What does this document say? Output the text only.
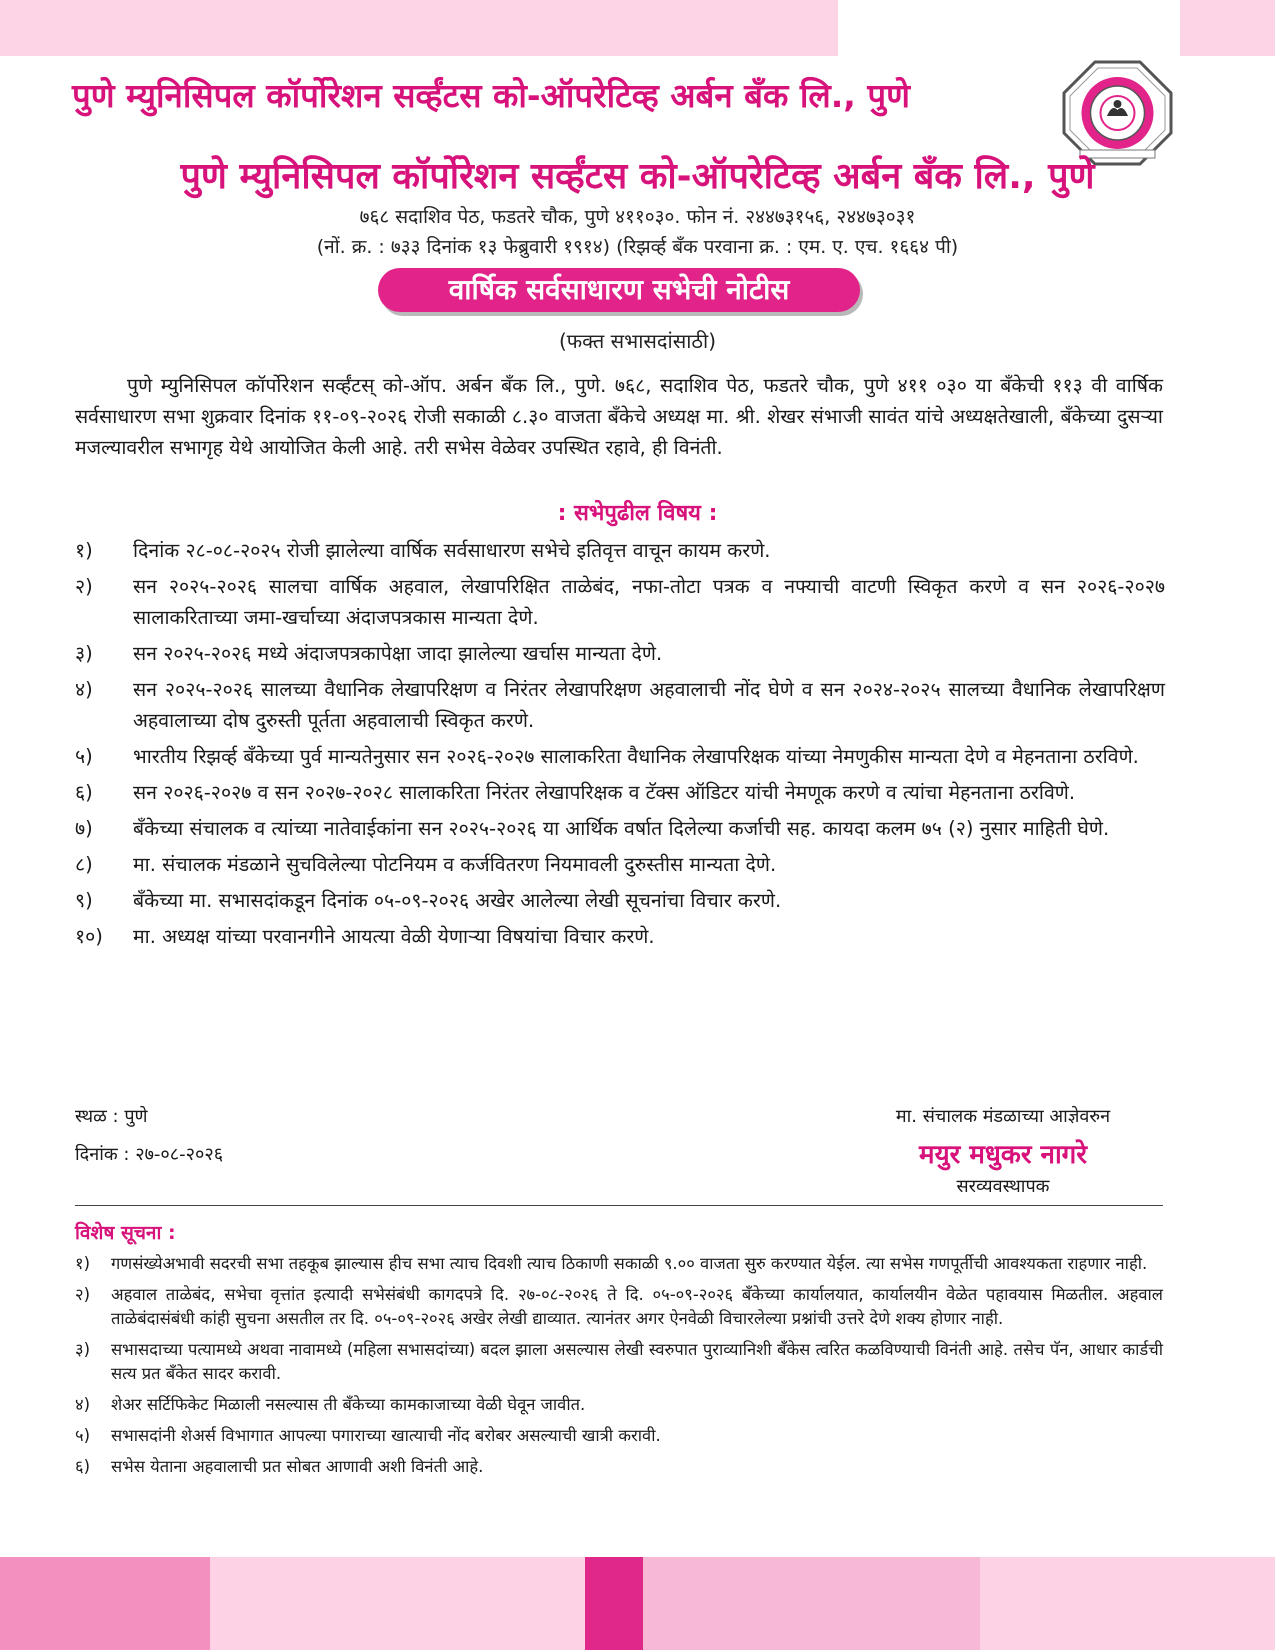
पुणे म्युनिसिपल कॉर्पोरेशन सर्व्हंटस को-ऑपरेटिव्ह अर्बन बँक लि., पुणे
पुणे म्युनिसिपल कॉर्पोरेशन सर्व्हंटस को-ऑपरेटिव्ह अर्बन बँक लि., पुणे
७६८ सदाशिव पेठ, फडतरे चौक, पुणे ४११०३०. फोन नं. २४४७३१५६, २४४७३०३१
(नों. क्र. : ७३३ दिनांक १३ फेब्रुवारी १९१४) (रिझर्व्ह बँक परवाना क्र. : एम. ए. एच. १६६४ पी)
वार्षिक सर्वसाधारण सभेची नोटीस
(फक्त सभासदांसाठी)
पुणे म्युनिसिपल कॉर्पोरेशन सर्व्हंटस् को-ऑप. अर्बन बँक लि., पुणे. ७६८, सदाशिव पेठ, फडतरे चौक, पुणे ४११ ०३० या बँकेची ११३ वी वार्षिक सर्वसाधारण सभा शुक्रवार दिनांक ११-०९-२०२६ रोजी सकाळी ८.३० वाजता बँकेचे अध्यक्ष मा. श्री. शेखर संभाजी सावंत यांचे अध्यक्षतेखाली, बँकेच्या दुसऱ्या मजल्यावरील सभागृह येथे आयोजित केली आहे. तरी सभेस वेळेवर उपस्थित रहावे, ही विनंती.
: सभेपुढील विषय :
१)	दिनांक २८-०८-२०२५ रोजी झालेल्या वार्षिक सर्वसाधारण सभेचे इतिवृत्त वाचून कायम करणे.
२)	सन २०२५-२०२६ सालचा वार्षिक अहवाल, लेखापरिक्षित ताळेबंद, नफा-तोटा पत्रक व नफ्याची वाटणी स्विकृत करणे व सन २०२६-२०२७ सालाकरिताच्या जमा-खर्चाच्या अंदाजपत्रकास मान्यता देणे.
३)	सन २०२५-२०२६ मध्ये अंदाजपत्रकापेक्षा जादा झालेल्या खर्चास मान्यता देणे.
४)	सन २०२५-२०२६ सालच्या वैधानिक लेखापरिक्षण व निरंतर लेखापरिक्षण अहवालाची नोंद घेणे व सन २०२४-२०२५ सालच्या वैधानिक लेखापरिक्षण अहवालाच्या दोष दुरुस्ती पूर्तता अहवालाची स्विकृत करणे.
५)	भारतीय रिझर्व्ह बँकेच्या पुर्व मान्यतेनुसार सन २०२६-२०२७ सालाकरिता वैधानिक लेखापरिक्षक यांच्या नेमणुकीस मान्यता देणे व मेहनताना ठरविणे.
६)	सन २०२६-२०२७ व सन २०२७-२०२८ सालाकरिता निरंतर लेखापरिक्षक व टॅक्स ऑडिटर यांची नेमणूक करणे व त्यांचा मेहनताना ठरविणे.
७)	बँकेच्या संचालक व त्यांच्या नातेवाईकांना सन २०२५-२०२६ या आर्थिक वर्षात दिलेल्या कर्जाची सह. कायदा कलम ७५ (२) नुसार माहिती घेणे.
८)	मा. संचालक मंडळाने सुचविलेल्या पोटनियम व कर्जवितरण नियमावली दुरुस्तीस मान्यता देणे.
९)	बँकेच्या मा. सभासदांकडून दिनांक ०५-०९-२०२६ अखेर आलेल्या लेखी सूचनांचा विचार करणे.
१०)	मा. अध्यक्ष यांच्या परवानगीने आयत्या वेळी येणाऱ्या विषयांचा विचार करणे.
स्थळ : पुणे
दिनांक : २७-०८-२०२६
मा. संचालक मंडळाच्या आज्ञेवरुन
मयुर मधुकर नागरे
सरव्यवस्थापक
विशेष सूचना :
१)	गणसंख्येअभावी सदरची सभा तहकूब झाल्यास हीच सभा त्याच दिवशी त्याच ठिकाणी सकाळी ९.०० वाजता सुरु करण्यात येईल. त्या सभेस गणपूर्तीची आवश्यकता राहणार नाही.
२)	अहवाल ताळेबंद, सभेचा वृत्तांत इत्यादी सभेसंबंधी कागदपत्रे दि. २७-०८-२०२६ ते दि. ०५-०९-२०२६ बँकेच्या कार्यालयात, कार्यालयीन वेळेत पहावयास मिळतील. अहवाल ताळेबंदासंबंधी कांही सुचना असतील तर दि. ०५-०९-२०२६ अखेर लेखी द्याव्यात. त्यानंतर अगर ऐनवेळी विचारलेल्या प्रश्नांची उत्तरे देणे शक्य होणार नाही.
३)	सभासदाच्या पत्यामध्ये अथवा नावामध्ये (महिला सभासदांच्या) बदल झाला असल्यास लेखी स्वरुपात पुराव्यानिशी बँकेस त्वरित कळविण्याची विनंती आहे. तसेच पॅन, आधार कार्डची सत्य प्रत बँकेत सादर करावी.
४)	शेअर सर्टिफिकेट मिळाली नसल्यास ती बँकेच्या कामकाजाच्या वेळी घेवून जावीत.
५)	सभासदांनी शेअर्स विभागात आपल्या पगाराच्या खात्याची नोंद बरोबर असल्याची खात्री करावी.
६)	सभेस येताना अहवालाची प्रत सोबत आणावी अशी विनंती आहे.
